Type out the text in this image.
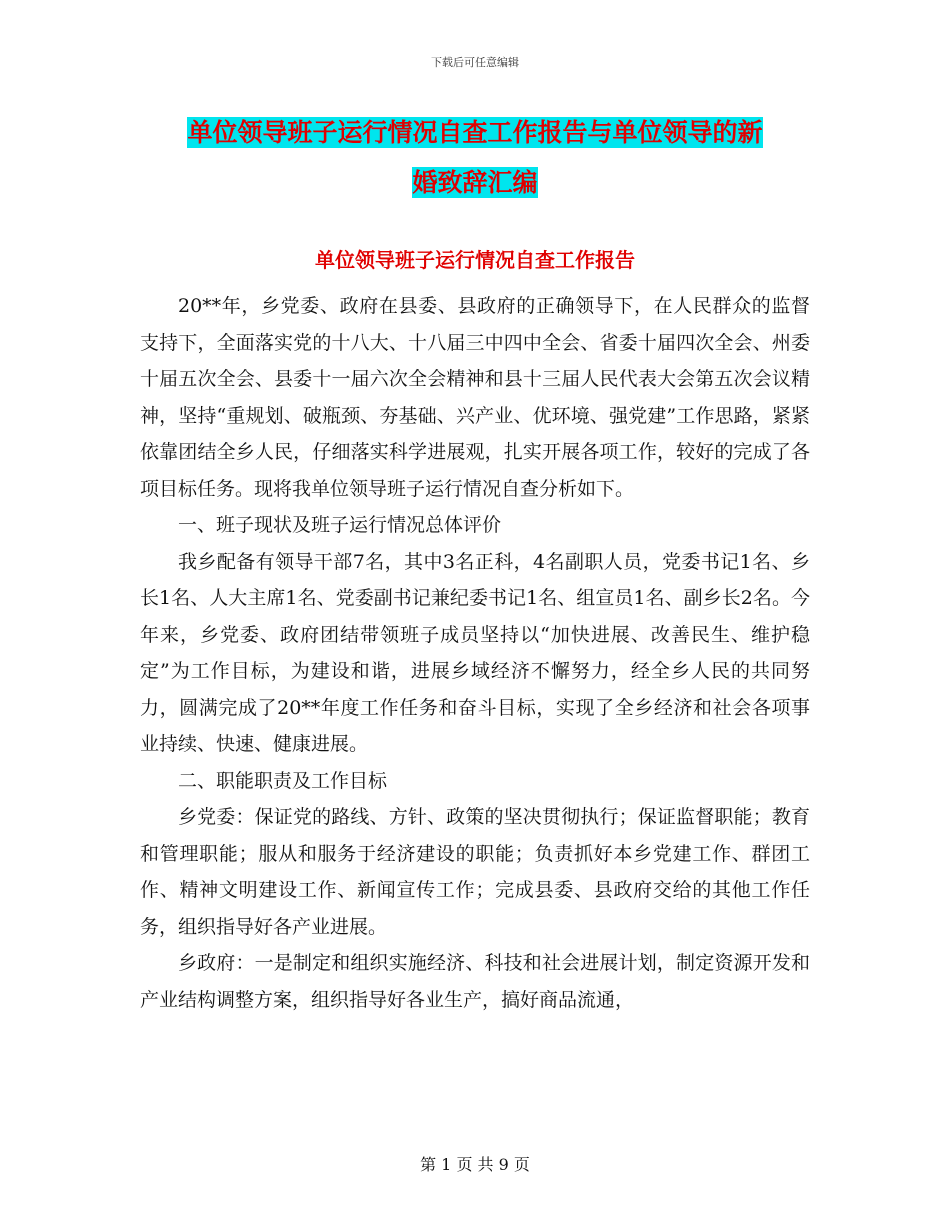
下载后可任意编辑
单位领导班子运行情况自查工作报告与单位领导的新
婚致辞汇编
单位领导班子运行情况自查工作报告

20**年，乡党委、政府在县委、县政府的正确领导下，在人民群众的监督支持下，全面落实党的十八大、十八届三中四中全会、省委十届四次全会、州委十届五次全会、县委十一届六次全会精神和县十三届人民代表大会第五次会议精神，坚持“重规划、破瓶颈、夯基础、兴产业、优环境、强党建”工作思路，紧紧依靠团结全乡人民，仔细落实科学进展观，扎实开展各项工作，较好的完成了各项目标任务。现将我单位领导班子运行情况自查分析如下。

一、班子现状及班子运行情况总体评价

我乡配备有领导干部7名，其中3名正科，4名副职人员，党委书记1名、乡长1名、人大主席1名、党委副书记兼纪委书记1名、组宣员1名、副乡长2名。今年来，乡党委、政府团结带领班子成员坚持以“加快进展、改善民生、维护稳定”为工作目标，为建设和谐，进展乡域经济不懈努力，经全乡人民的共同努力，圆满完成了20**年度工作任务和奋斗目标，实现了全乡经济和社会各项事业持续、快速、健康进展。

二、职能职责及工作目标

乡党委：保证党的路线、方针、政策的坚决贯彻执行；保证监督职能；教育和管理职能；服从和服务于经济建设的职能；负责抓好本乡党建工作、群团工作、精神文明建设工作、新闻宣传工作；完成县委、县政府交给的其他工作任务，组织指导好各产业进展。

乡政府：一是制定和组织实施经济、科技和社会进展计划，制定资源开发和产业结构调整方案，组织指导好各业生产，搞好商品流通，

第 1 页 共 9 页
